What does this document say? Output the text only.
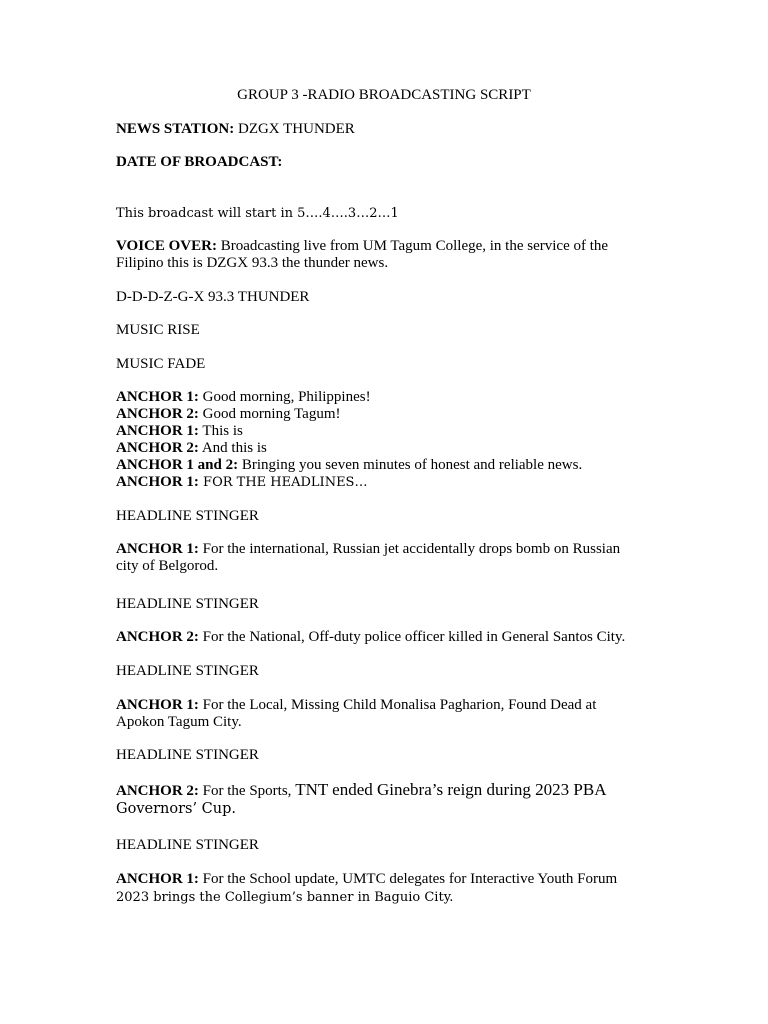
GROUP 3 -RADIO BROADCASTING SCRIPT

NEWS STATION: DZGX THUNDER

DATE OF BROADCAST:

This broadcast will start in 5….4….3…2…1

VOICE OVER: Broadcasting live from UM Tagum College, in the service of the

Filipino this is DZGX 93.3 the thunder news.

D-D-D-Z-G-X 93.3 THUNDER

MUSIC RISE

MUSIC FADE

ANCHOR 1: Good morning, Philippines!

ANCHOR 2: Good morning Tagum!

ANCHOR 1: This is

ANCHOR 2: And this is

ANCHOR 1 and 2: Bringing you seven minutes of honest and reliable news.

ANCHOR 1: FOR THE HEADLINES…

HEADLINE STINGER

ANCHOR 1: For the international, Russian jet accidentally drops bomb on Russian

city of Belgorod.

HEADLINE STINGER

ANCHOR 2: For the National, Off-duty police officer killed in General Santos City.

HEADLINE STINGER

ANCHOR 1: For the Local, Missing Child Monalisa Pagharion, Found Dead at

Apokon Tagum City.

HEADLINE STINGER

ANCHOR 2: For the Sports, TNT ended Ginebra’s reign during 2023 PBA

Governors’ Cup.

HEADLINE STINGER

ANCHOR 1: For the School update, UMTC delegates for Interactive Youth Forum

2023 brings the Collegium’s banner in Baguio City.
